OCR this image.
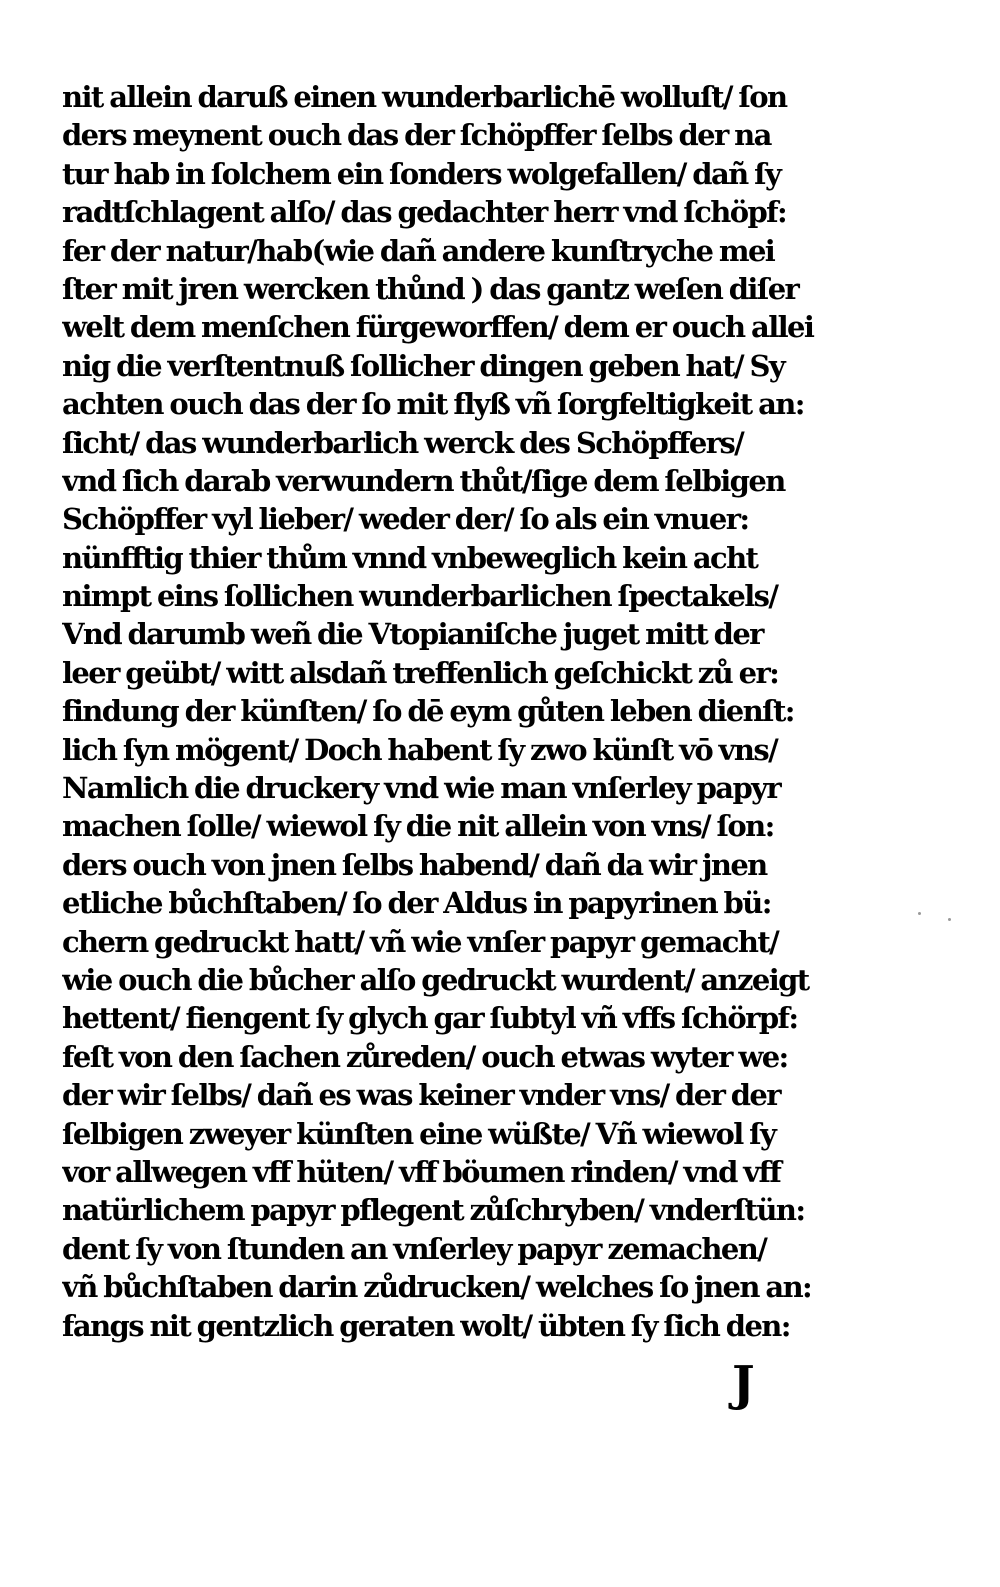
nit allein daruß einen wunderbarlichē wolluſt/ ſon
ders meynent ouch das der ſchöpffer ſelbs der na
tur hab in ſolchem ein ſonders wolgefallen/ dañ ſy
radtſchlagent alſo/ das gedachter herr vnd ſchöpf:
fer der natur/hab(wie dañ andere kunſtryche mei
ſter mit jren wercken thůnd ) das gantz weſen diſer
welt dem menſchen fürgeworffen/ dem er ouch allei
nig die verſtentnuß ſollicher dingen geben hat/ Sy
achten ouch das der ſo mit flyß vñ ſorgfeltigkeit an:
ſicht/ das wunderbarlich werck des Schöpffers/
vnd ſich darab verwundern thůt/ſige dem ſelbigen
Schöpffer vyl lieber/ weder der/ ſo als ein vnuer:
nünfftig thier thům vnnd vnbeweglich kein acht
nimpt eins ſollichen wunderbarlichen ſpectakels/
Vnd darumb weñ die Vtopianiſche juget mitt der
leer geübt/ witt alsdañ treffenlich geſchickt zů er:
findung der künſten/ ſo dē eym gůten leben dienſt:
lich ſyn mögent/ Doch habent ſy zwo künſt vō vns/
Namlich die druckery vnd wie man vnſerley papyr
machen ſolle/ wiewol ſy die nit allein von vns/ ſon:
ders ouch von jnen ſelbs habend/ dañ da wir jnen
etliche bůchſtaben/ ſo der Aldus in papyrinen bü:
chern gedruckt hatt/ vñ wie vnſer papyr gemacht/
wie ouch die bůcher alſo gedruckt wurdent/ anzeigt
hettent/ fiengent ſy glych gar ſubtyl vñ vffs ſchörpf:
feſt von den ſachen zůreden/ ouch etwas wyter we:
der wir ſelbs/ dañ es was keiner vnder vns/ der der
ſelbigen zweyer künſten eine wüßte/ Vñ wiewol ſy
vor allwegen vff hüten/ vff böumen rinden/ vnd vff
natürlichem papyr pflegent zůſchryben/ vnderſtün:
dent ſy von ſtunden an vnſerley papyr zemachen/
vñ bůchſtaben darin zůdrucken/ welches ſo jnen an:
fangs nit gentzlich geraten wolt/ übten ſy ſich den:
J
